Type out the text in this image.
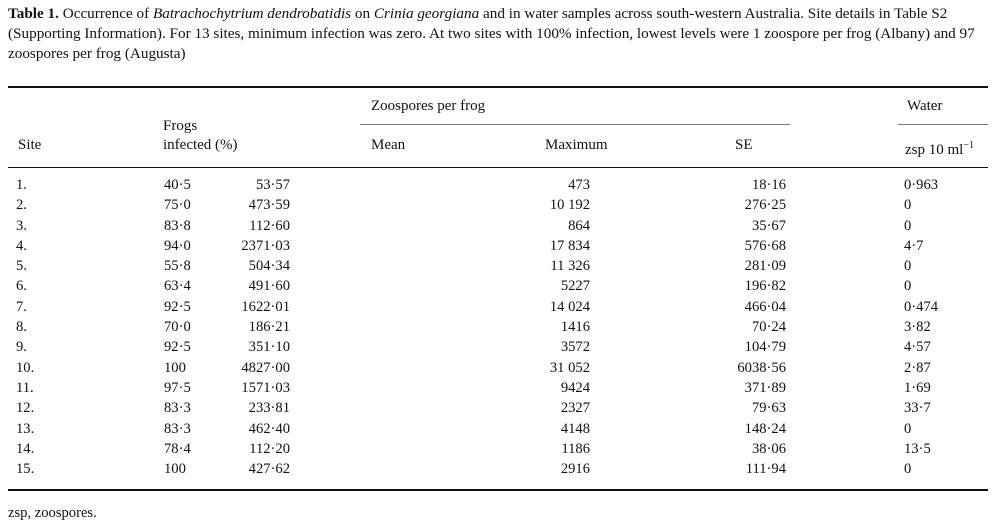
Table 1. Occurrence of Batrachochytrium dendrobatidis on Crinia georgiana and in water samples across south-western Australia. Site details in Table S2 (Supporting Information). For 13 sites, minimum infection was zero. At two sites with 100% infection, lowest levels were 1 zoospore per frog (Albany) and 97 zoospores per frog (Augusta)

Site
Frogs
infected (%)
Zoospores per frog
Mean	Maximum	SE
Water
zsp 10 $ml^{-1}$
1.	40·5	53·57	473	18·16	0·963
2.	75·0	473·59	10 192	276·25	0
3.	83·8	112·60	864	35·67	0
4.	94·0	2371·03	17 834	576·68	4·7
5.	55·8	504·34	11 326	281·09	0
6.	63·4	491·60	5227	196·82	0
7.	92·5	1622·01	14 024	466·04	0·474
8.	70·0	186·21	1416	70·24	3·82
9.	92·5	351·10	3572	104·79	4·57
10.	100	4827·00	31 052	6038·56	2·87
11.	97·5	1571·03	9424	371·89	1·69
12.	83·3	233·81	2327	79·63	33·7
13.	83·3	462·40	4148	148·24	0
14.	78·4	112·20	1186	38·06	13·5
15.	100	427·62	2916	111·94	0
zsp, zoospores.
